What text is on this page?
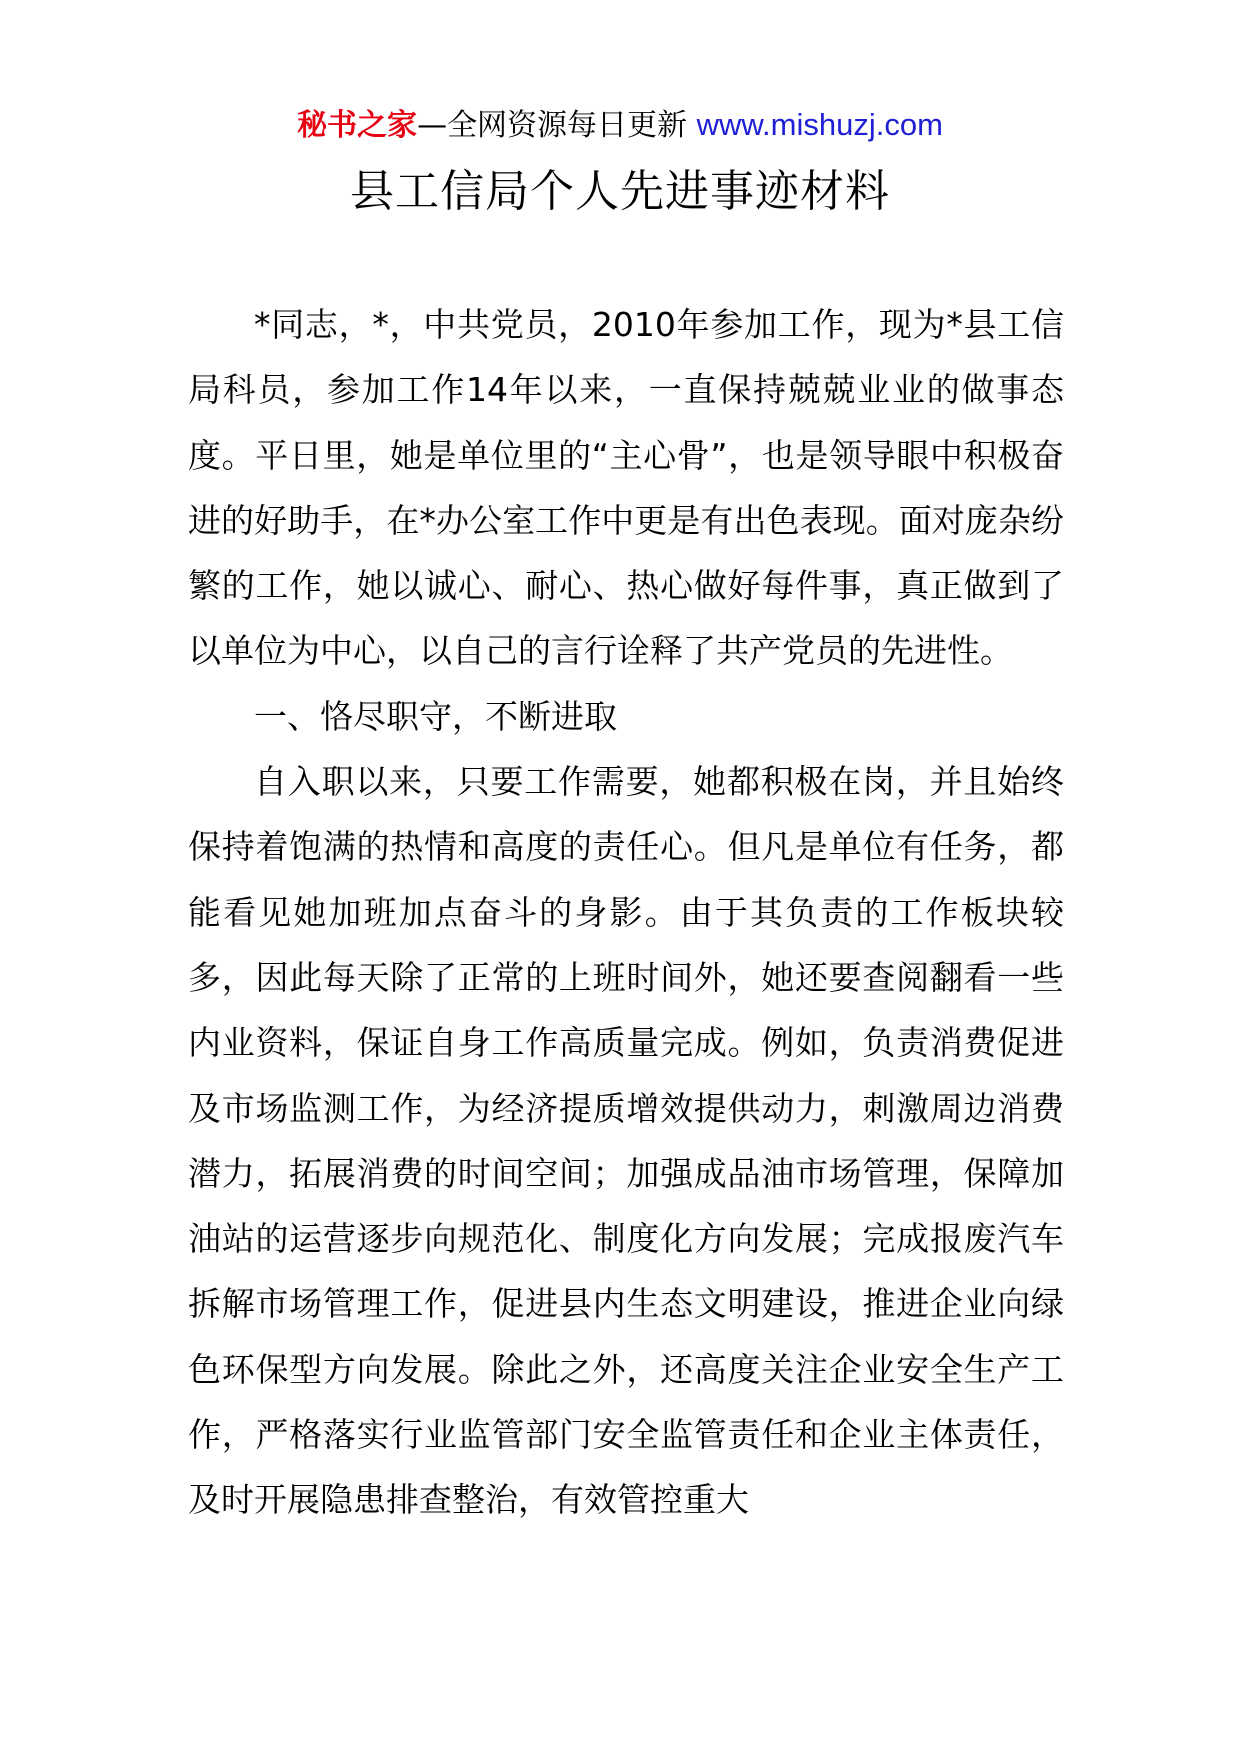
秘书之家—全网资源每日更新 www.mishuzj.com
县工信局个人先进事迹材料

*同志，*，中共党员，2010年参加工作，现为*县工信局科员，参加工作14年以来，一直保持兢兢业业的做事态度。平日里，她是单位里的“主心骨”，也是领导眼中积极奋进的好助手，在*办公室工作中更是有出色表现。面对庞杂纷繁的工作，她以诚心、耐心、热心做好每件事，真正做到了以单位为中心，以自己的言行诠释了共产党员的先进性。

一、恪尽职守，不断进取

自入职以来，只要工作需要，她都积极在岗，并且始终保持着饱满的热情和高度的责任心。但凡是单位有任务，都能看见她加班加点奋斗的身影。由于其负责的工作板块较多，因此每天除了正常的上班时间外，她还要查阅翻看一些内业资料，保证自身工作高质量完成。例如，负责消费促进及市场监测工作，为经济提质增效提供动力，刺激周边消费潜力，拓展消费的时间空间；加强成品油市场管理，保障加油站的运营逐步向规范化、制度化方向发展；完成报废汽车拆解市场管理工作，促进县内生态文明建设，推进企业向绿色环保型方向发展。除此之外，还高度关注企业安全生产工作，严格落实行业监管部门安全监管责任和企业主体责任，及时开展隐患排查整治，有效管控重大
